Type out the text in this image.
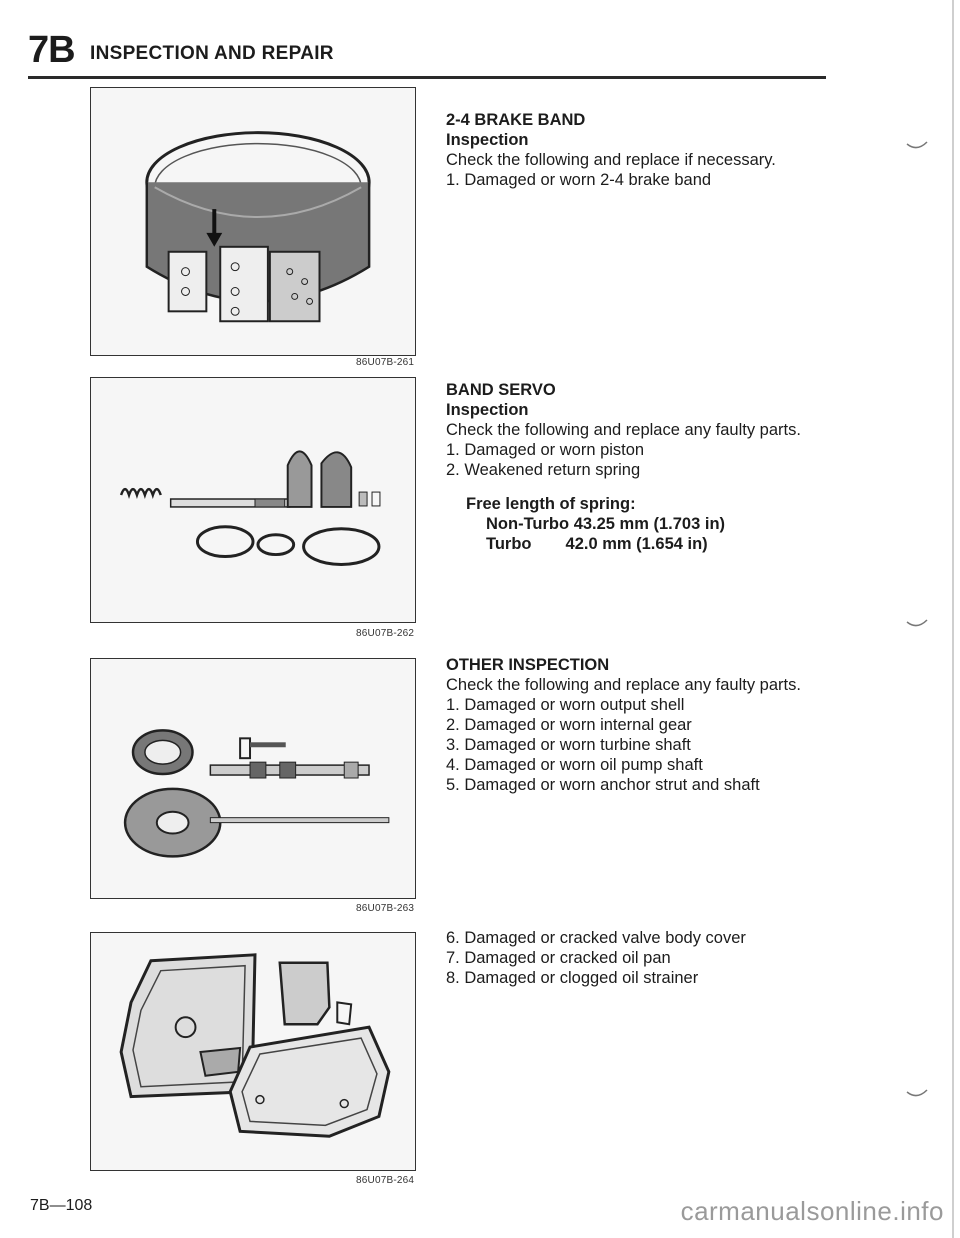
7B INSPECTION AND REPAIR
86U07B-261
86U07B-262
86U07B-263
86U07B-264
2-4 BRAKE BAND
Inspection
Check the following and replace if necessary.
1. Damaged or worn 2-4 brake band
BAND SERVO
Inspection
Check the following and replace any faulty parts.
1. Damaged or worn piston
2. Weakened return spring
Free length of spring:
Non-Turbo 43.25 mm (1.703 in)
Turbo 42.0 mm (1.654 in)
OTHER INSPECTION
Check the following and replace any faulty parts.
1. Damaged or worn output shell
2. Damaged or worn internal gear
3. Damaged or worn turbine shaft
4. Damaged or worn oil pump shaft
5. Damaged or worn anchor strut and shaft
6. Damaged or cracked valve body cover
7. Damaged or cracked oil pan
8. Damaged or clogged oil strainer
7B—108	carmanualsonline.info
